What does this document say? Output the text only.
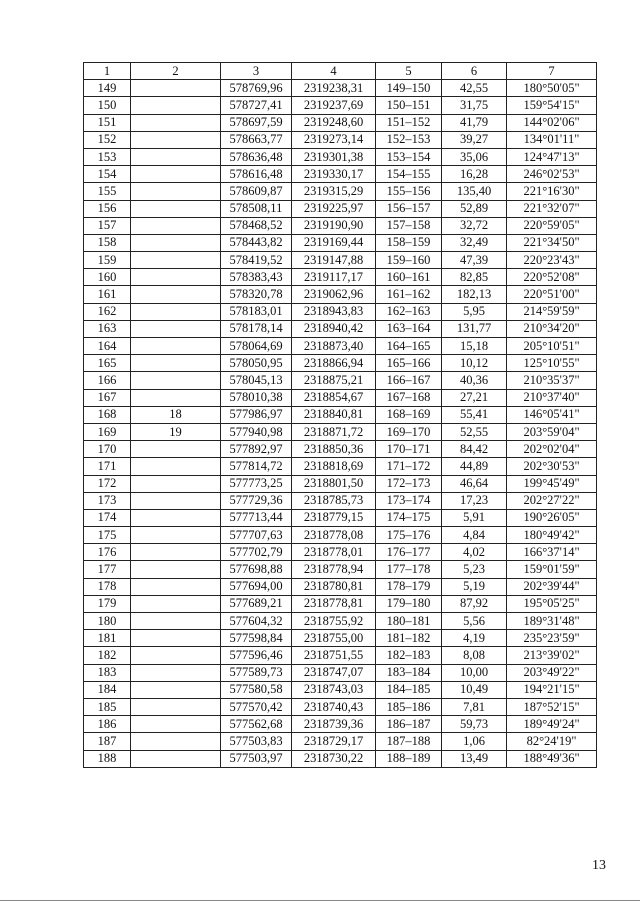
1	2	3	4	5	6	7
149		578769,96	2319238,31	149–150	42,55	180°50'05"
150		578727,41	2319237,69	150–151	31,75	159°54'15"
151		578697,59	2319248,60	151–152	41,79	144°02'06"
152		578663,77	2319273,14	152–153	39,27	134°01'11"
153		578636,48	2319301,38	153–154	35,06	124°47'13"
154		578616,48	2319330,17	154–155	16,28	246°02'53"
155		578609,87	2319315,29	155–156	135,40	221°16'30"
156		578508,11	2319225,97	156–157	52,89	221°32'07"
157		578468,52	2319190,90	157–158	32,72	220°59'05"
158		578443,82	2319169,44	158–159	32,49	221°34'50"
159		578419,52	2319147,88	159–160	47,39	220°23'43"
160		578383,43	2319117,17	160–161	82,85	220°52'08"
161		578320,78	2319062,96	161–162	182,13	220°51'00"
162		578183,01	2318943,83	162–163	5,95	214°59'59"
163		578178,14	2318940,42	163–164	131,77	210°34'20"
164		578064,69	2318873,40	164–165	15,18	205°10'51"
165		578050,95	2318866,94	165–166	10,12	125°10'55"
166		578045,13	2318875,21	166–167	40,36	210°35'37"
167		578010,38	2318854,67	167–168	27,21	210°37'40"
168	18	577986,97	2318840,81	168–169	55,41	146°05'41"
169	19	577940,98	2318871,72	169–170	52,55	203°59'04"
170		577892,97	2318850,36	170–171	84,42	202°02'04"
171		577814,72	2318818,69	171–172	44,89	202°30'53"
172		577773,25	2318801,50	172–173	46,64	199°45'49"
173		577729,36	2318785,73	173–174	17,23	202°27'22"
174		577713,44	2318779,15	174–175	5,91	190°26'05"
175		577707,63	2318778,08	175–176	4,84	180°49'42"
176		577702,79	2318778,01	176–177	4,02	166°37'14"
177		577698,88	2318778,94	177–178	5,23	159°01'59"
178		577694,00	2318780,81	178–179	5,19	202°39'44"
179		577689,21	2318778,81	179–180	87,92	195°05'25"
180		577604,32	2318755,92	180–181	5,56	189°31'48"
181		577598,84	2318755,00	181–182	4,19	235°23'59"
182		577596,46	2318751,55	182–183	8,08	213°39'02"
183		577589,73	2318747,07	183–184	10,00	203°49'22"
184		577580,58	2318743,03	184–185	10,49	194°21'15"
185		577570,42	2318740,43	185–186	7,81	187°52'15"
186		577562,68	2318739,36	186–187	59,73	189°49'24"
187		577503,83	2318729,17	187–188	1,06	82°24'19"
188		577503,97	2318730,22	188–189	13,49	188°49'36"
13
